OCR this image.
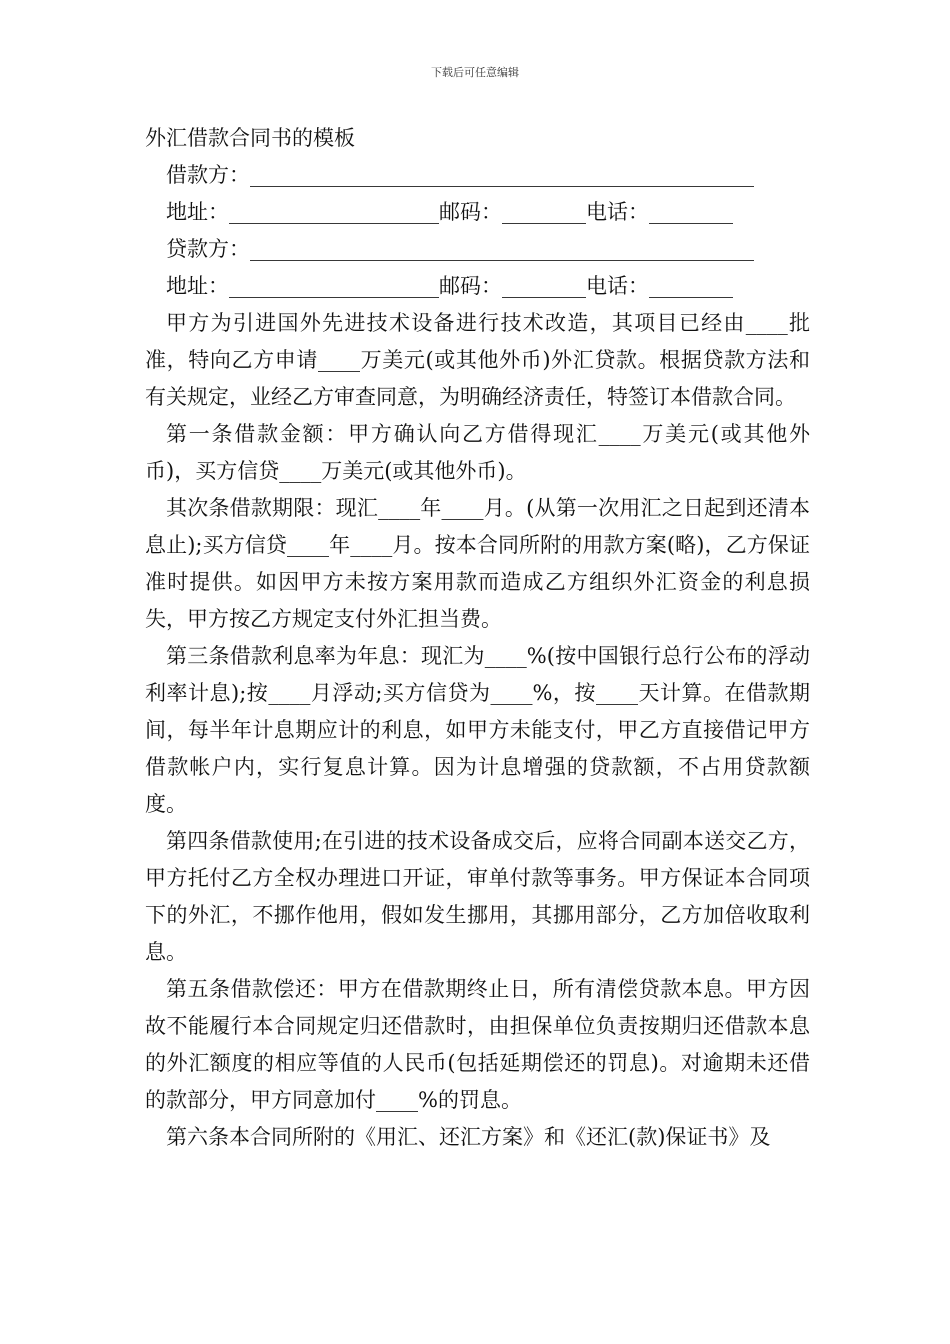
下载后可任意编辑
外汇借款合同书的模板
借款方：________________________________________________
地址：____________________邮码：________电话：________
贷款方：________________________________________________
地址：____________________邮码：________电话：________

甲方为引进国外先进技术设备进行技术改造，其项目已经由____批准，特向乙方申请____万美元(或其他外币)外汇贷款。根据贷款方法和有关规定，业经乙方审查同意，为明确经济责任，特签订本借款合同。

第一条借款金额：甲方确认向乙方借得现汇____万美元(或其他外币)，买方信贷____万美元(或其他外币)。

其次条借款期限：现汇____年____月。(从第一次用汇之日起到还清本息止);买方信贷____年____月。按本合同所附的用款方案(略)，乙方保证准时提供。如因甲方未按方案用款而造成乙方组织外汇资金的利息损失，甲方按乙方规定支付外汇担当费。

第三条借款利息率为年息：现汇为____%(按中国银行总行公布的浮动利率计息);按____月浮动;买方信贷为____%，按____天计算。在借款期间，每半年计息期应计的利息，如甲方未能支付，甲乙方直接借记甲方借款帐户内，实行复息计算。因为计息增强的贷款额，不占用贷款额度。

第四条借款使用;在引进的技术设备成交后，应将合同副本送交乙方，甲方托付乙方全权办理进口开证，审单付款等事务。甲方保证本合同项下的外汇，不挪作他用，假如发生挪用，其挪用部分，乙方加倍收取利息。

第五条借款偿还：甲方在借款期终止日，所有清偿贷款本息。甲方因故不能履行本合同规定归还借款时，由担保单位负责按期归还借款本息的外汇额度的相应等值的人民币(包括延期偿还的罚息)。对逾期未还借的款部分，甲方同意加付____%的罚息。

第六条本合同所附的《用汇、还汇方案》和《还汇(款)保证书》及
